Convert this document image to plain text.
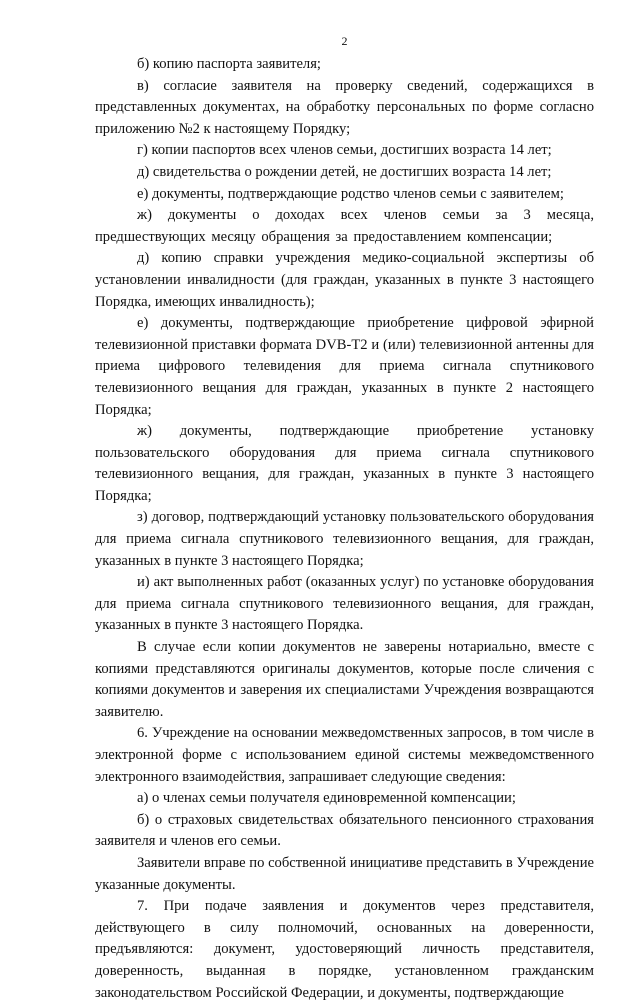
2

б) копию паспорта заявителя;

в) согласие заявителя на проверку сведений, содержащихся в представленных документах, на обработку персональных по форме согласно приложению №2 к настоящему Порядку;

г) копии паспортов всех членов семьи, достигших возраста 14 лет;

д) свидетельства о рождении детей, не достигших возраста 14 лет;

е) документы, подтверждающие родство членов семьи с заявителем;

ж) документы о доходах всех членов семьи за 3 месяца, предшествующих месяцу обращения за предоставлением компенсации;

д) копию справки учреждения медико-социальной экспертизы об установлении инвалидности (для граждан, указанных в пункте 3 настоящего Порядка, имеющих инвалидность);

е) документы, подтверждающие приобретение цифровой эфирной телевизионной приставки формата DVB-T2 и (или) телевизионной антенны для приема цифрового телевидения для приема сигнала спутникового телевизионного вещания для граждан, указанных в пункте 2 настоящего Порядка;

ж) документы, подтверждающие приобретение установку пользовательского оборудования для приема сигнала спутникового телевизионного вещания, для граждан, указанных в пункте 3 настоящего Порядка;

з) договор, подтверждающий установку пользовательского оборудования для приема сигнала спутникового телевизионного вещания, для граждан, указанных в пункте 3 настоящего Порядка;

и) акт выполненных работ (оказанных услуг) по установке оборудования для приема сигнала спутникового телевизионного вещания, для граждан, указанных в пункте 3 настоящего Порядка.

В случае если копии документов не заверены нотариально, вместе с копиями представляются оригиналы документов, которые после сличения с копиями документов и заверения их специалистами Учреждения возвращаются заявителю.

6. Учреждение на основании межведомственных запросов, в том числе в электронной форме с использованием единой системы межведомственного электронного взаимодействия, запрашивает следующие сведения:

а) о членах семьи получателя единовременной компенсации;

б) о страховых свидетельствах обязательного пенсионного страхования заявителя и членов его семьи.

Заявители вправе по собственной инициативе представить в Учреждение указанные документы.

7. При подаче заявления и документов через представителя, действующего в силу полномочий, основанных на доверенности, предъявляются: документ, удостоверяющий личность представителя, доверенность, выданная в порядке, установленном гражданским законодательством Российской Федерации, и документы, подтверждающие
